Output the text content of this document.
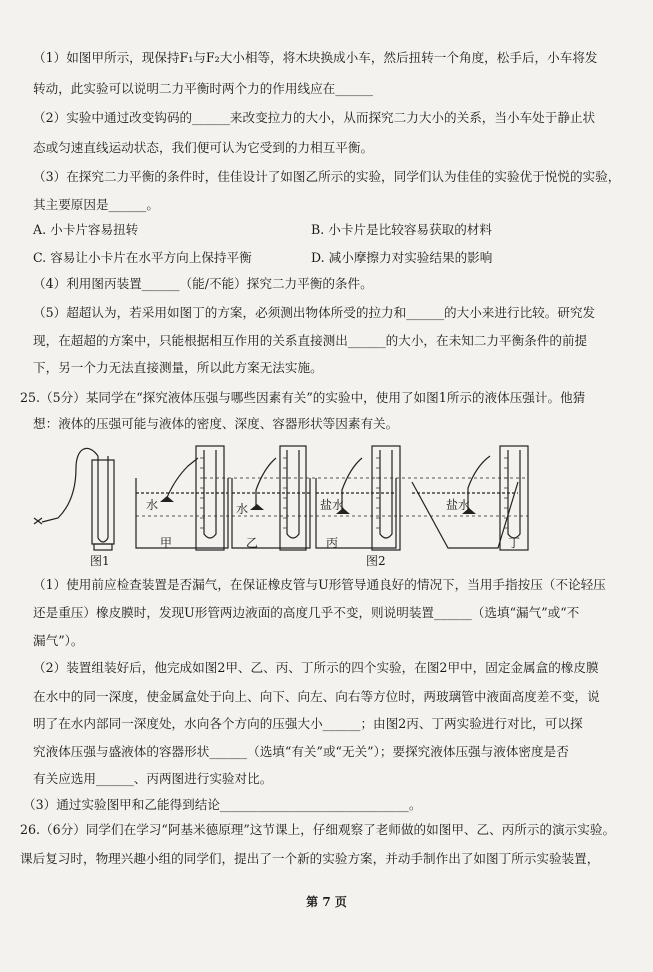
（1）如图甲所示，现保持F₁与F₂大小相等，将木块换成小车，然后扭转一个角度，松手后，小车将发
转动，此实验可以说明二力平衡时两个力的作用线应在______
（2）实验中通过改变钩码的______来改变拉力的大小，从而探究二力大小的关系，当小车处于静止状
态或匀速直线运动状态，我们便可认为它受到的力相互平衡。
（3）在探究二力平衡的条件时，佳佳设计了如图乙所示的实验，同学们认为佳佳的实验优于悦悦的实验，
其主要原因是______。
A. 小卡片容易扭转	B. 小卡片是比较容易获取的材料
C. 容易让小卡片在水平方向上保持平衡	D. 减小摩擦力对实验结果的影响
（4）利用图丙装置______（能/不能）探究二力平衡的条件。
（5）超超认为，若采用如图丁的方案，必须测出物体所受的拉力和______的大小来进行比较。研究发
现，在超超的方案中，只能根据相互作用的关系直接测出______的大小，在未知二力平衡条件的前提
下，另一个力无法直接测量，所以此方案无法实施。
25.（5分）某同学在“探究液体压强与哪些因素有关”的实验中，使用了如图1所示的液体压强计。他猜
想：液体的压强可能与液体的密度、深度、容器形状等因素有关。
水	水	盐水	盐水
图1
甲	乙	丙
图2
丁
（1）使用前应检查装置是否漏气，在保证橡皮管与U形管导通良好的情况下，当用手指按压（不论轻压
还是重压）橡皮膜时，发现U形管两边液面的高度几乎不变，则说明装置______（选填“漏气”或“不
漏气”）。
（2）装置组装好后，他完成如图2甲、乙、丙、丁所示的四个实验，在图2甲中，固定金属盒的橡皮膜
在水中的同一深度，使金属盒处于向上、向下、向左、向右等方位时，两玻璃管中液面高度差不变，说
明了在水内部同一深度处，水向各个方向的压强大小______；由图2丙、丁两实验进行对比，可以探
究液体压强与盛液体的容器形状______（选填“有关”或“无关”）；要探究液体压强与液体密度是否
有关应选用______、丙两图进行实验对比。
（3）通过实验图甲和乙能得到结论______________________________。
26.（6分）同学们在学习“阿基米德原理”这节课上，仔细观察了老师做的如图甲、乙、丙所示的演示实验。
课后复习时，物理兴趣小组的同学们，提出了一个新的实验方案，并动手制作出了如图丁所示实验装置，
第 7 页
